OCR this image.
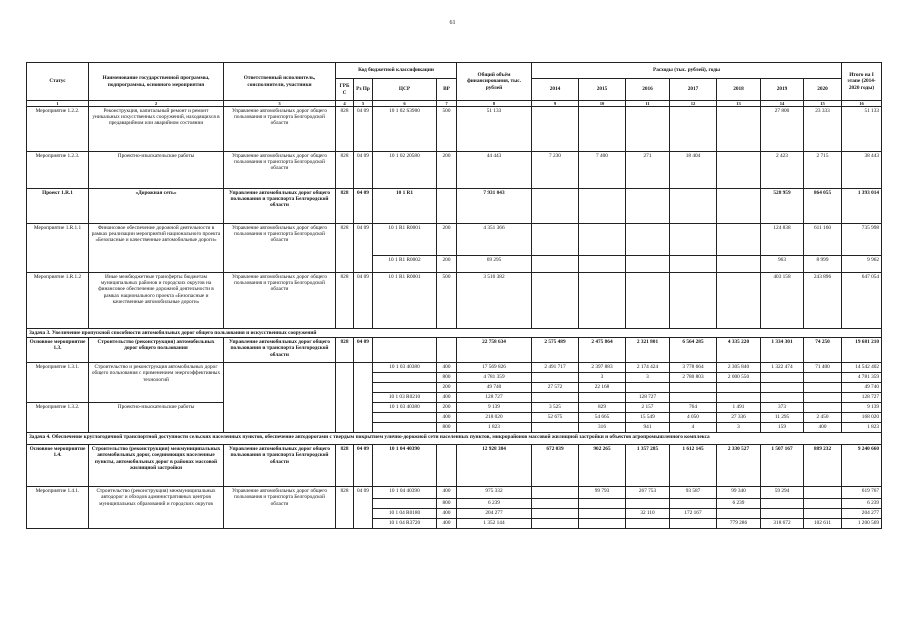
61
Статус	Наименование государственной программы, подпрограммы, основного мероприятия	Ответственный исполнитель, соисполнители, участники	Код бюджетной классификации				Общий объём финансирования, тыс. рублей	Расходы (тыс. рублей), годы							Итого на I этапе (2014-2020 годы)
			ГРБС	Рз Пр	ЦСР	ВР		2014	2015	2016	2017	2018	2019	2020	
1	2	3	4	5	6	7	8	9	10	11	12	13	14	15	16
Мероприятие 1.2.2.	Реконструкция, капитальный ремонт и ремонт уникальных искусственных сооружений, находящихся в предаварийном или аварийном состоянии	Управление автомобильных дорог общего пользования и транспорта Белгородской области	828	04 09	10 1 02 S3900	500	51 133						27 800	23 333	51 133
Мероприятие 1.2.3.	Проектно-изыскательские работы	Управление автомобильных дорог общего пользования и транспорта Белгородской области	828	04 09	10 1 02 20580	200	44 443	7 230	7 400	271	18 404		2 423	2 715	38 443
Проект 1.R.1	«Дорожная сеть»	Управление автомобильных дорог общего пользования и транспорта Белгородской области	828	04 09	10 1 R1		7 931 043						528 959	864 055	1 393 014
Мероприятие 1.R.1.1	Финансовое обеспечение дорожной деятельности в рамках реализации мероприятий национального проекта «Безопасные и качественные автомобильные дороги»	Управление автомобильных дорог общего пользования и транспорта Белгородской области	828	04 09	10 1 R1 R0001	200	4 351 366						124 838	611 160	735 998
					10 1 R1 R0002	200	69 295						963	8 999	9 962
Мероприятие 1.R.1.2	Иные межбюджетные трансферты бюджетам муниципальных районов и городских округов на финансовое обеспечение дорожной деятельности в рамках национального проекта «Безопасные и качественные автомобильные дороги»	Управление автомобильных дорог общего пользования и транспорта Белгородской области	828	04 09	10 1 R1 R0001	500	3 510 382						403 158	243 896	647 054
Задача 3. Увеличение пропускной способности автомобильных дорог общего пользования и искусственных сооружений															
Основное мероприятие 1.3.	Строительство (реконструкция) автомобильных дорог общего пользования	Управление автомобильных дорог общего пользования и транспорта Белгородской области	828	04 09			22 758 634	2 575 489	2 475 864	2 321 801	6 564 285	4 335 220	1 334 301	74 250	19 681 210
Мероприятие 1.3.1.	Строительство и реконструкция автомобильных дорог общего пользования с применением энергоэффективных технологий				10 1 03 40380	400	17 569 826	2 491 717	2 397 883	2 174 424	3 778 664	2 305 840	1 322 474	71 400	14 542 402
						800	4 781 359		3	3	2 780 803	2 000 550			4 781 359
						200	49 740	27 572	22 168						49 740
					10 1 03 R0210	400	128 727			128 727					128 727
Мероприятие 1.3.2.	Проектно-изыскательские работы				10 1 03 40380	200	9 139	3 525	829	2 157	764	1 491	373		9 139
						400	218 020	52 675	54 665	15 549	4 050	27 336	11 295	2 450	168 020
						800	1 823		316	941	4	3	159	400	1 823
Задача 4. Обеспечение круглогодичной транспортной доступности сельских населенных пунктов, обеспечение автодорогами с твердым покрытием улично-дорожной сети населенных пунктов, микрорайонов массовой жилищной застройки и объектов агропромышленного комплекса															
Основное мероприятие 1.4.	Строительство (реконструкция) межмуниципальных автомобильных дорог, соединяющих населенные пункты, автомобильных дорог в районах массовой жилищной застройки	Управление автомобильных дорог общего пользования и транспорта Белгородской области	828	04 09	10 1 04 40390		12 928 384	672 039	902 265	1 357 285	1 612 145	2 330 527	1 507 167	889 232	9 240 660
Мероприятие 1.4.1.	Строительство (реконструкция) межмуниципальных автодорог и обходов административных центров муниципальных образований и городских округов	Управление автомобильных дорог общего пользования и транспорта Белгородской области	828	04 09	10 1 04 40390	400	975 332		99 793	267 753	93 587	99 340	59 294		619 767
						800	6 239					6 239			6 239
					10 1 04 R0180	400	204 277			32 110	172 167				204 277
					10 1 04 R3720	400	1 352 144					779 286	318 672	102 611	1 200 569
